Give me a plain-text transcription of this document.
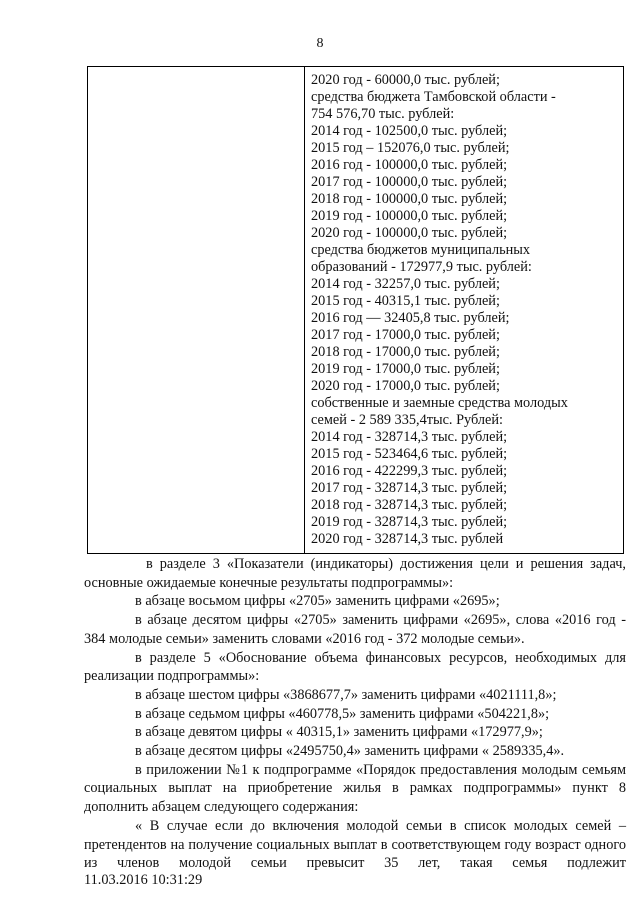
8
2020 год - 60000,0 тыс. рублей;
средства бюджета Тамбовской области -
754 576,70 тыс. рублей:
2014 год - 102500,0 тыс. рублей;
2015 год – 152076,0 тыс. рублей;
2016 год - 100000,0 тыс. рублей;
2017 год - 100000,0 тыс. рублей;
2018 год - 100000,0 тыс. рублей;
2019 год - 100000,0 тыс. рублей;
2020 год - 100000,0 тыс. рублей;
средства бюджетов муниципальных
образований - 172977,9 тыс. рублей:
2014 год - 32257,0 тыс. рублей;
2015 год - 40315,1 тыс. рублей;
2016 год — 32405,8 тыс. рублей;
2017 год - 17000,0 тыс. рублей;
2018 год - 17000,0 тыс. рублей;
2019 год - 17000,0 тыс. рублей;
2020 год - 17000,0 тыс. рублей;
собственные и заемные средства молодых
семей - 2 589 335,4тыс. Рублей:
2014 год - 328714,3 тыс. рублей;
2015 год - 523464,6 тыс. рублей;
2016 год - 422299,3 тыс. рублей;
2017 год - 328714,3 тыс. рублей;
2018 год - 328714,3 тыс. рублей;
2019 год - 328714,3 тыс. рублей;
2020 год - 328714,3 тыс. рублей

в разделе 3 «Показатели (индикаторы) достижения цели и решения задач, основные ожидаемые конечные результаты подпрограммы»:

в абзаце восьмом цифры «2705» заменить цифрами «2695»;

в абзаце десятом цифры «2705» заменить цифрами «2695», слова «2016 год - 384 молодые семьи» заменить словами «2016 год - 372 молодые семьи».

в разделе 5 «Обоснование объема финансовых ресурсов, необходимых для реализации подпрограммы»:

в абзаце шестом цифры «3868677,7» заменить цифрами «4021111,8»;

в абзаце седьмом цифры «460778,5» заменить цифрами «504221,8»;

в абзаце девятом цифры « 40315,1» заменить цифрами «172977,9»;

в абзаце десятом цифры «2495750,4» заменить цифрами « 2589335,4».

в приложении №1 к подпрограмме «Порядок предоставления молодым семьям социальных выплат на приобретение жилья в рамках подпрограммы» пункт 8 дополнить абзацем следующего содержания:

« В случае если до включения молодой семьи в список молодых семей – претендентов на получение социальных выплат в соответствующем году возраст одного из членов молодой семьи превысит 35 лет, такая семья подлежит

11.03.2016 10:31:29
